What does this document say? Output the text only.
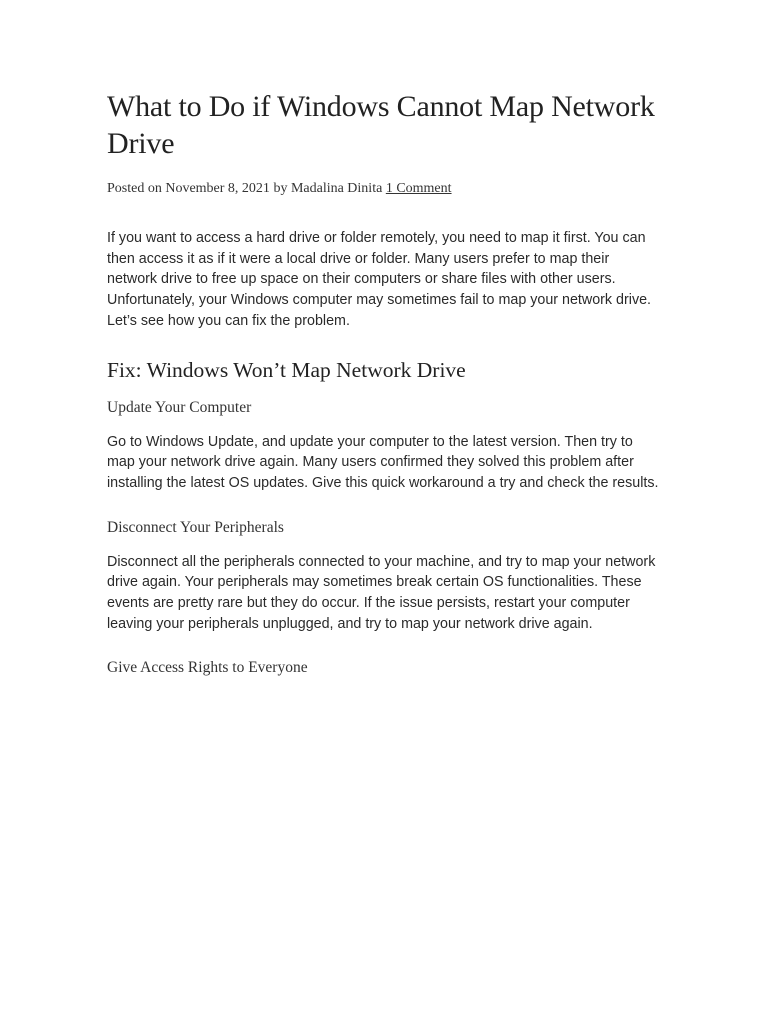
What to Do if Windows Cannot Map Network Drive
Posted on November 8, 2021 by Madalina Dinita 1 Comment

If you want to access a hard drive or folder remotely, you need to map it first. You can then access it as if it were a local drive or folder. Many users prefer to map their network drive to free up space on their computers or share files with other users. Unfortunately, your Windows computer may sometimes fail to map your network drive. Let’s see how you can fix the problem.

Fix: Windows Won’t Map Network Drive
Update Your Computer

Go to Windows Update, and update your computer to the latest version. Then try to map your network drive again. Many users confirmed they solved this problem after installing the latest OS updates. Give this quick workaround a try and check the results.

Disconnect Your Peripherals

Disconnect all the peripherals connected to your machine, and try to map your network drive again. Your peripherals may sometimes break certain OS functionalities. These events are pretty rare but they do occur. If the issue persists, restart your computer leaving your peripherals unplugged, and try to map your network drive again.

Give Access Rights to Everyone
